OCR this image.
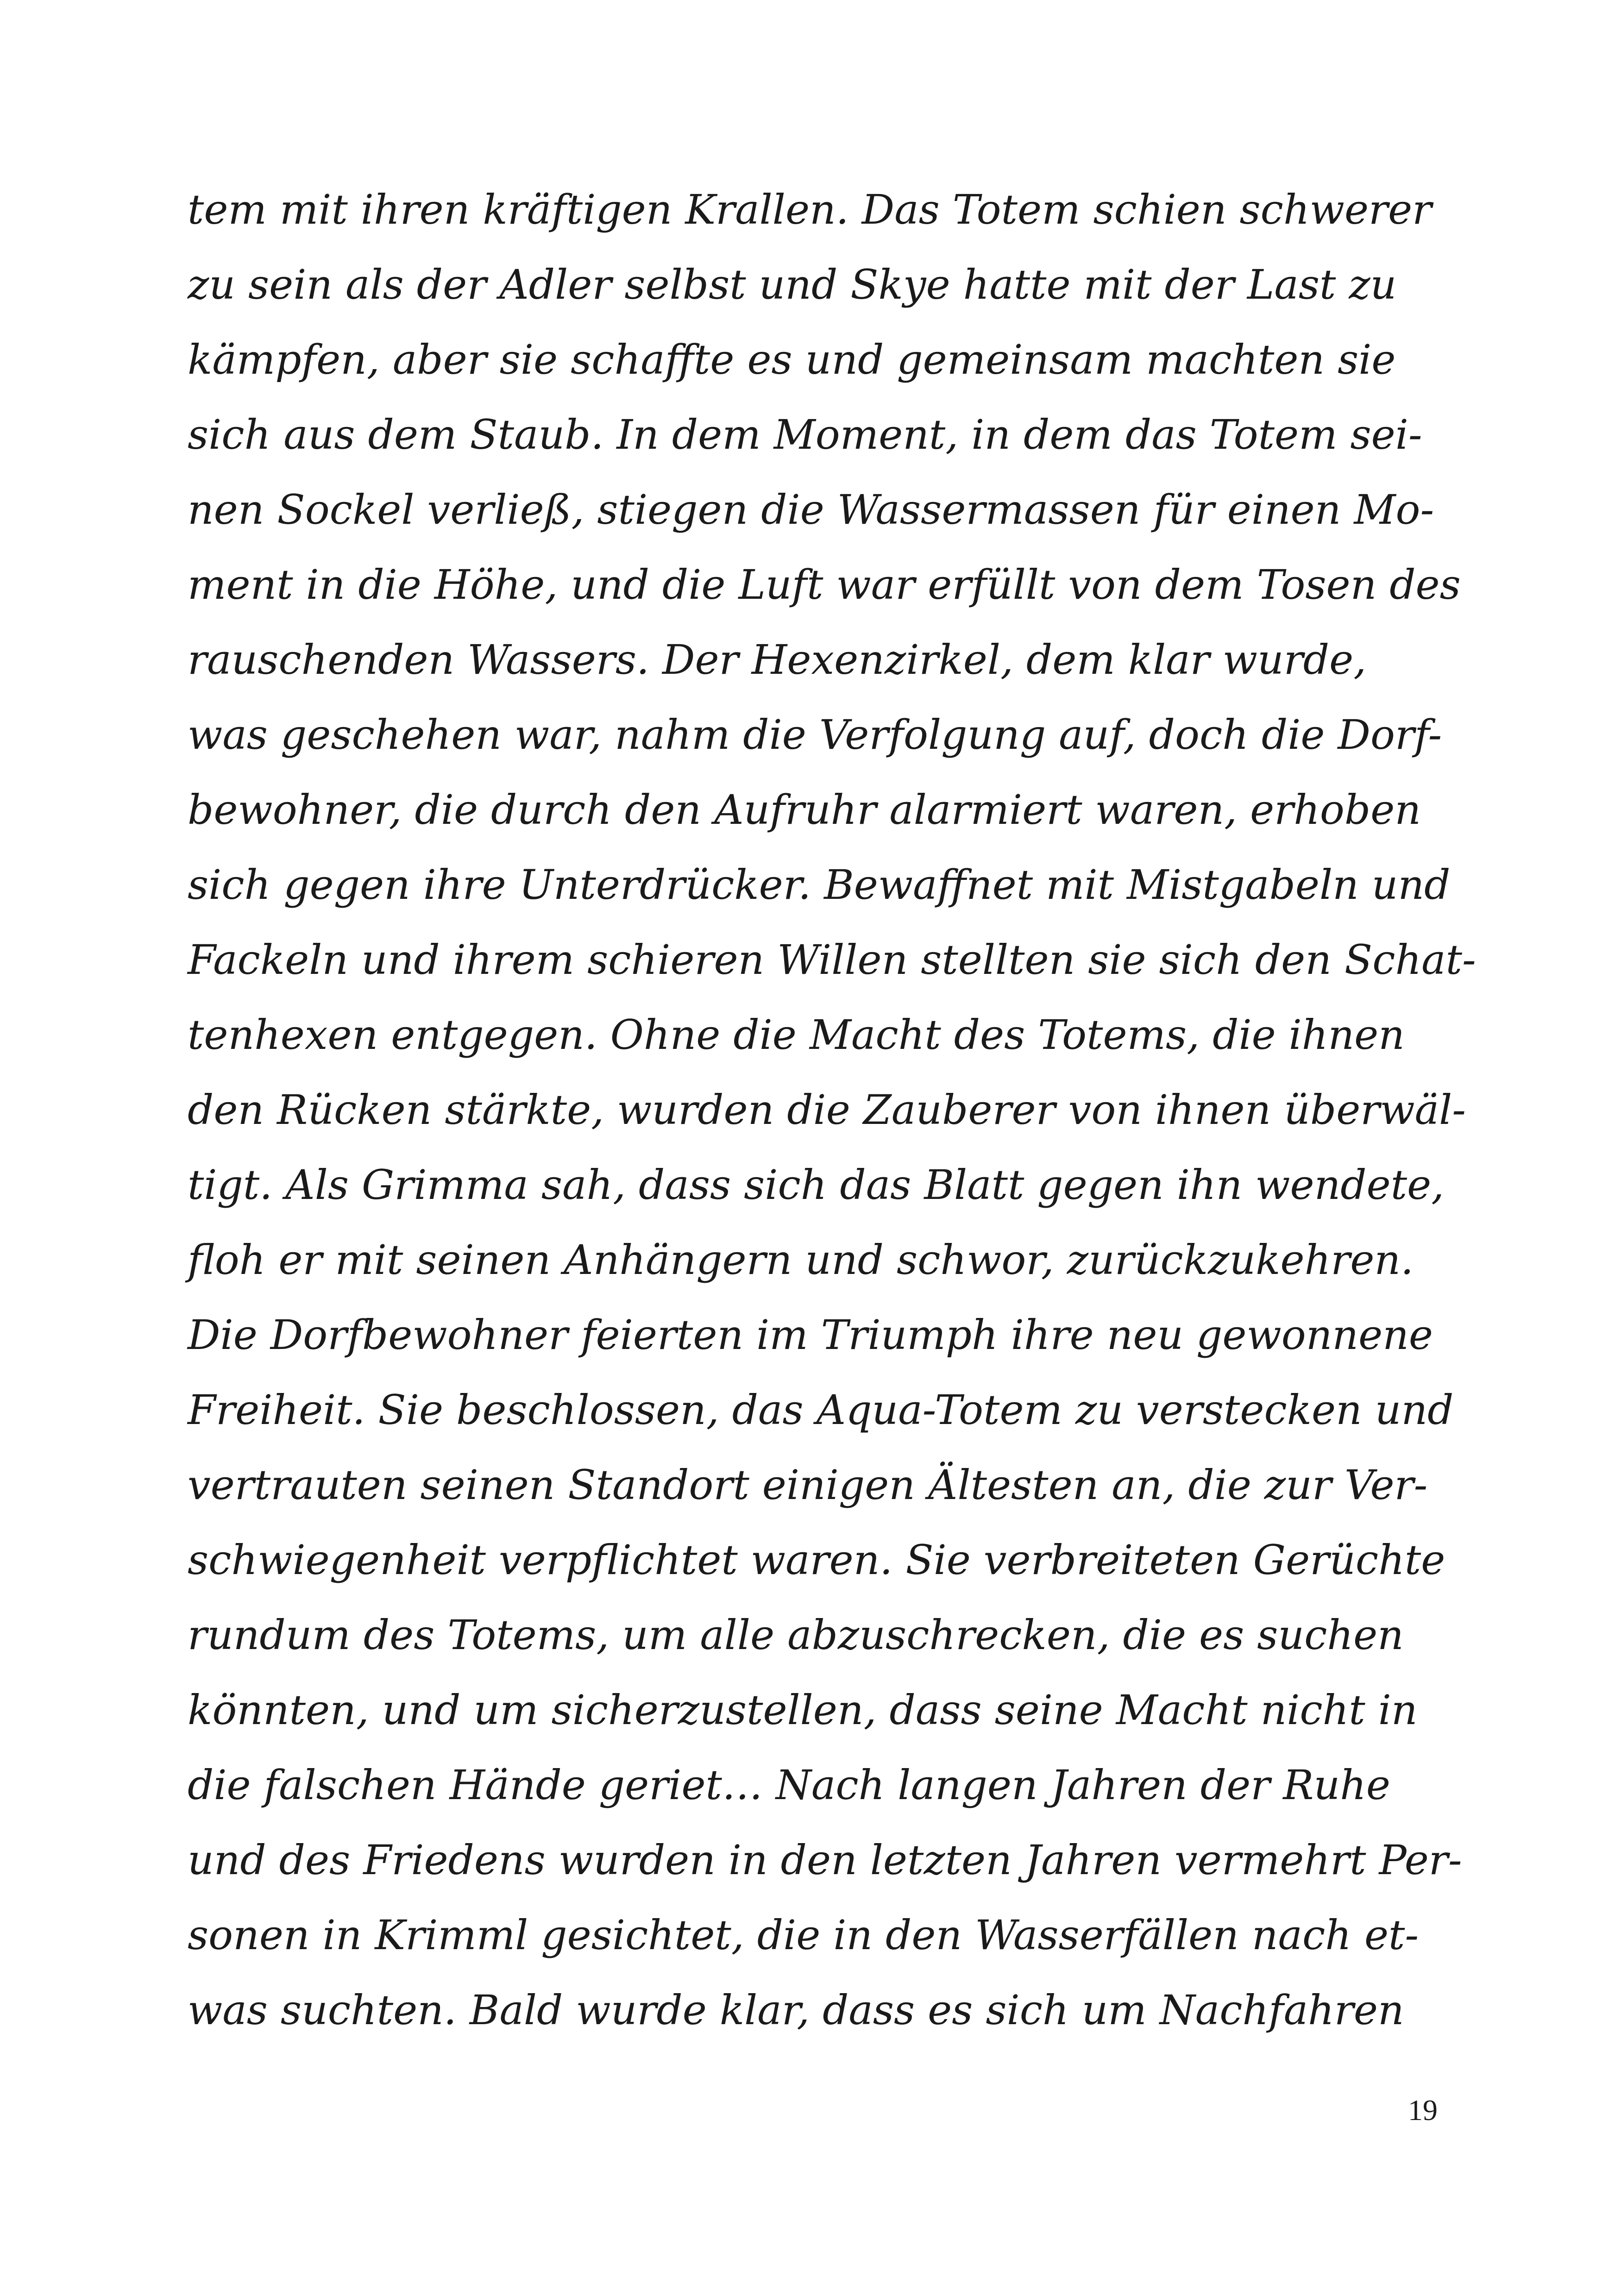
tem mit ihren kräftigen Krallen. Das Totem schien schwerer
zu sein als der Adler selbst und Skye hatte mit der Last zu
kämpfen, aber sie schaffte es und gemeinsam machten sie
sich aus dem Staub. In dem Moment, in dem das Totem sei-
nen Sockel verließ, stiegen die Wassermassen für einen Mo-
ment in die Höhe, und die Luft war erfüllt von dem Tosen des
rauschenden Wassers. Der Hexenzirkel, dem klar wurde,
was geschehen war, nahm die Verfolgung auf, doch die Dorf-
bewohner, die durch den Aufruhr alarmiert waren, erhoben
sich gegen ihre Unterdrücker. Bewaffnet mit Mistgabeln und
Fackeln und ihrem schieren Willen stellten sie sich den Schat-
tenhexen entgegen. Ohne die Macht des Totems, die ihnen
den Rücken stärkte, wurden die Zauberer von ihnen überwäl-
tigt. Als Grimma sah, dass sich das Blatt gegen ihn wendete,
floh er mit seinen Anhängern und schwor, zurückzukehren.
Die Dorfbewohner feierten im Triumph ihre neu gewonnene
Freiheit. Sie beschlossen, das Aqua-Totem zu verstecken und
vertrauten seinen Standort einigen Ältesten an, die zur Ver-
schwiegenheit verpflichtet waren. Sie verbreiteten Gerüchte
rundum des Totems, um alle abzuschrecken, die es suchen
könnten, und um sicherzustellen, dass seine Macht nicht in
die falschen Hände geriet… Nach langen Jahren der Ruhe
und des Friedens wurden in den letzten Jahren vermehrt Per-
sonen in Krimml gesichtet, die in den Wasserfällen nach et-
was suchten. Bald wurde klar, dass es sich um Nachfahren
19
